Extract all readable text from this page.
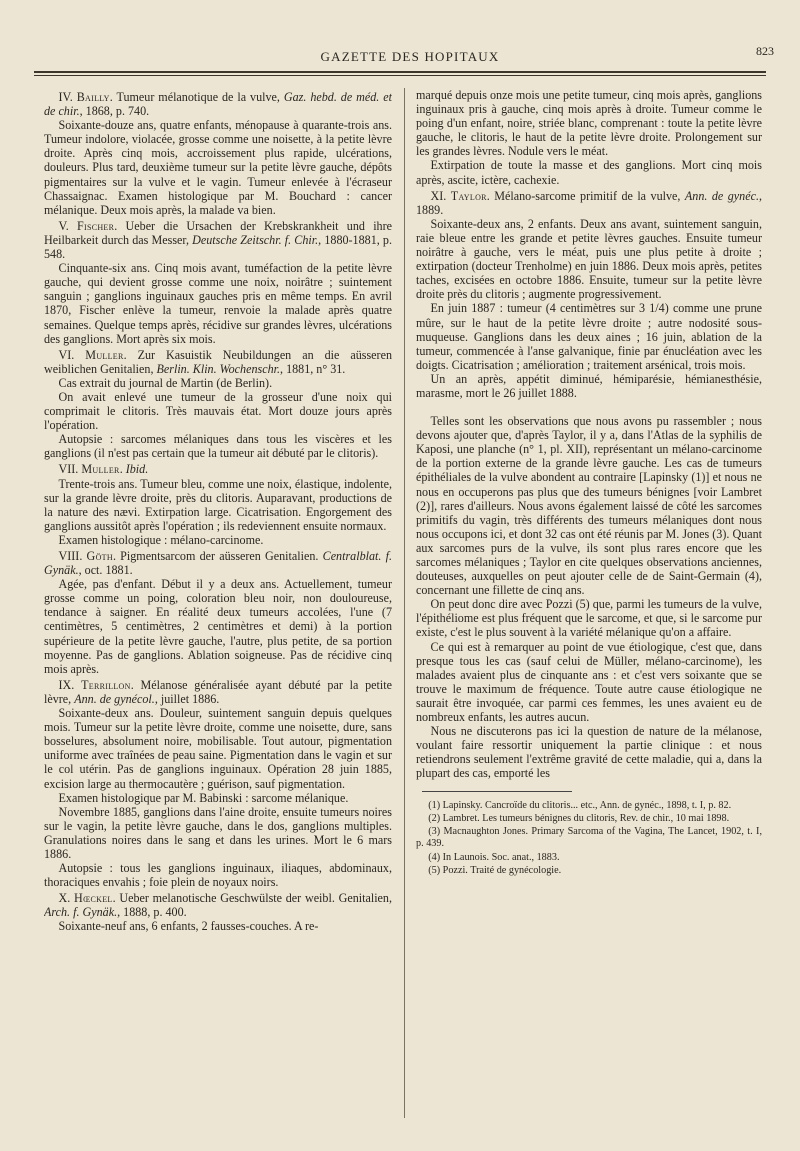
GAZETTE DES HOPITAUX	823

IV. Bailly. Tumeur mélanotique de la vulve, Gaz. hebd. de méd. et de chir., 1868, p. 740.

Soixante-douze ans, quatre enfants, ménopause à quarante-trois ans. Tumeur indolore, violacée, grosse comme une noisette, à la petite lèvre droite. Après cinq mois, accroissement plus rapide, ulcérations, douleurs. Plus tard, deuxième tumeur sur la petite lèvre gauche, dépôts pigmentaires sur la vulve et le vagin. Tumeur enlevée à l'écraseur Chassaignac. Examen histologique par M. Bouchard : cancer mélanique. Deux mois après, la malade va bien.

V. Fischer. Ueber die Ursachen der Krebskrankheit und ihre Heilbarkeit durch das Messer, Deutsche Zeitschr. f. Chir., 1880-1881, p. 548.

Cinquante-six ans. Cinq mois avant, tuméfaction de la petite lèvre gauche, qui devient grosse comme une noix, noirâtre ; suintement sanguin ; ganglions inguinaux gauches pris en même temps. En avril 1870, Fischer enlève la tumeur, renvoie la malade après quatre semaines. Quelque temps après, récidive sur grandes lèvres, ulcérations des ganglions. Mort après six mois.

VI. Muller. Zur Kasuistik Neubildungen an die aüsseren weiblichen Genitalien, Berlin. Klin. Wochenschr., 1881, n° 31.

Cas extrait du journal de Martin (de Berlin).

On avait enlevé une tumeur de la grosseur d'une noix qui comprimait le clitoris. Très mauvais état. Mort douze jours après l'opération.

Autopsie : sarcomes mélaniques dans tous les viscères et les ganglions (il n'est pas certain que la tumeur ait débuté par le clitoris).

VII. Muller. Ibid.

Trente-trois ans. Tumeur bleu, comme une noix, élastique, indolente, sur la grande lèvre droite, près du clitoris. Auparavant, productions de la nature des nævi. Extirpation large. Cicatrisation. Engorgement des ganglions aussitôt après l'opération ; ils redeviennent ensuite normaux.

Examen histologique : mélano-carcinome.

VIII. Göth. Pigmentsarcom der aüsseren Genitalien. Centralblat. f. Gynäk., oct. 1881.

Agée, pas d'enfant. Début il y a deux ans. Actuellement, tumeur grosse comme un poing, coloration bleu noir, non douloureuse, tendance à saigner. En réalité deux tumeurs accolées, l'une (7 centimètres, 5 centimètres, 2 centimètres et demi) à la portion supérieure de la petite lèvre gauche, l'autre, plus petite, de sa portion moyenne. Pas de ganglions. Ablation soigneuse. Pas de récidive cinq mois après.

IX. Terrillon. Mélanose généralisée ayant débuté par la petite lèvre, Ann. de gynécol., juillet 1886.

Soixante-deux ans. Douleur, suintement sanguin depuis quelques mois. Tumeur sur la petite lèvre droite, comme une noisette, dure, sans bosselures, absolument noire, mobilisable. Tout autour, pigmentation uniforme avec traînées de peau saine. Pigmentation dans le vagin et sur le col utérin. Pas de ganglions inguinaux. Opération 28 juin 1885, excision large au thermocautère ; guérison, sauf pigmentation.

Examen histologique par M. Babinski : sarcome mélanique.

Novembre 1885, ganglions dans l'aine droite, ensuite tumeurs noires sur le vagin, la petite lèvre gauche, dans le dos, ganglions multiples. Granulations noires dans le sang et dans les urines. Mort le 6 mars 1886.

Autopsie : tous les ganglions inguinaux, iliaques, abdominaux, thoraciques envahis ; foie plein de noyaux noirs.

X. Hœckel. Ueber melanotische Geschwülste der weibl. Genitalien, Arch. f. Gynäk., 1888, p. 400.

Soixante-neuf ans, 6 enfants, 2 fausses-couches. A re-

marqué depuis onze mois une petite tumeur, cinq mois après, ganglions inguinaux pris à gauche, cinq mois après à droite. Tumeur comme le poing d'un enfant, noire, striée blanc, comprenant : toute la petite lèvre gauche, le clitoris, le haut de la petite lèvre droite. Prolongement sur les grandes lèvres. Nodule vers le méat.

Extirpation de toute la masse et des ganglions. Mort cinq mois après, ascite, ictère, cachexie.

XI. Taylor. Mélano-sarcome primitif de la vulve, Ann. de gynéc., 1889.

Soixante-deux ans, 2 enfants. Deux ans avant, suintement sanguin, raie bleue entre les grande et petite lèvres gauches. Ensuite tumeur noirâtre à gauche, vers le méat, puis une plus petite à droite ; extirpation (docteur Trenholme) en juin 1886. Deux mois après, petites taches, excisées en octobre 1886. Ensuite, tumeur sur la petite lèvre droite près du clitoris ; augmente progressivement.

En juin 1887 : tumeur (4 centimètres sur 3 1/4) comme une prune mûre, sur le haut de la petite lèvre droite ; autre nodosité sous-muqueuse. Ganglions dans les deux aines ; 16 juin, ablation de la tumeur, commencée à l'anse galvanique, finie par énucléation avec les doigts. Cicatrisation ; amélioration ; traitement arsénical, trois mois.

Un an après, appétit diminué, hémiparésie, hémianesthésie, marasme, mort le 26 juillet 1888.

Telles sont les observations que nous avons pu rassembler ; nous devons ajouter que, d'après Taylor, il y a, dans l'Atlas de la syphilis de Kaposi, une planche (n° 1, pl. XII), représentant un mélano-carcinome de la portion externe de la grande lèvre gauche. Les cas de tumeurs épithéliales de la vulve abondent au contraire [Lapinsky (1)] et nous ne nous en occuperons pas plus que des tumeurs bénignes [voir Lambret (2)], rares d'ailleurs. Nous avons également laissé de côté les sarcomes primitifs du vagin, très différents des tumeurs mélaniques dont nous nous occupons ici, et dont 32 cas ont été réunis par M. Jones (3). Quant aux sarcomes purs de la vulve, ils sont plus rares encore que les sarcomes mélaniques ; Taylor en cite quelques observations anciennes, douteuses, auxquelles on peut ajouter celle de de Saint-Germain (4), concernant une fillette de cinq ans.

On peut donc dire avec Pozzi (5) que, parmi les tumeurs de la vulve, l'épithéliome est plus fréquent que le sarcome, et que, si le sarcome pur existe, c'est le plus souvent à la variété mélanique qu'on a affaire.

Ce qui est à remarquer au point de vue étiologique, c'est que, dans presque tous les cas (sauf celui de Müller, mélano-carcinome), les malades avaient plus de cinquante ans : et c'est vers soixante que se trouve le maximum de fréquence. Toute autre cause étiologique ne saurait être invoquée, car parmi ces femmes, les unes avaient eu de nombreux enfants, les autres aucun.

Nous ne discuterons pas ici la question de nature de la mélanose, voulant faire ressortir uniquement la partie clinique : et nous retiendrons seulement l'extrême gravité de cette maladie, qui a, dans la plupart des cas, emporté les

(1) Lapinsky. Cancroïde du clitoris... etc., Ann. de gynéc., 1898, t. I, p. 82.

(2) Lambret. Les tumeurs bénignes du clitoris, Rev. de chir., 10 mai 1898.

(3) Macnaughton Jones. Primary Sarcoma of the Vagina, The Lancet, 1902, t. I, p. 439.

(4) In Launois. Soc. anat., 1883.

(5) Pozzi. Traité de gynécologie.
